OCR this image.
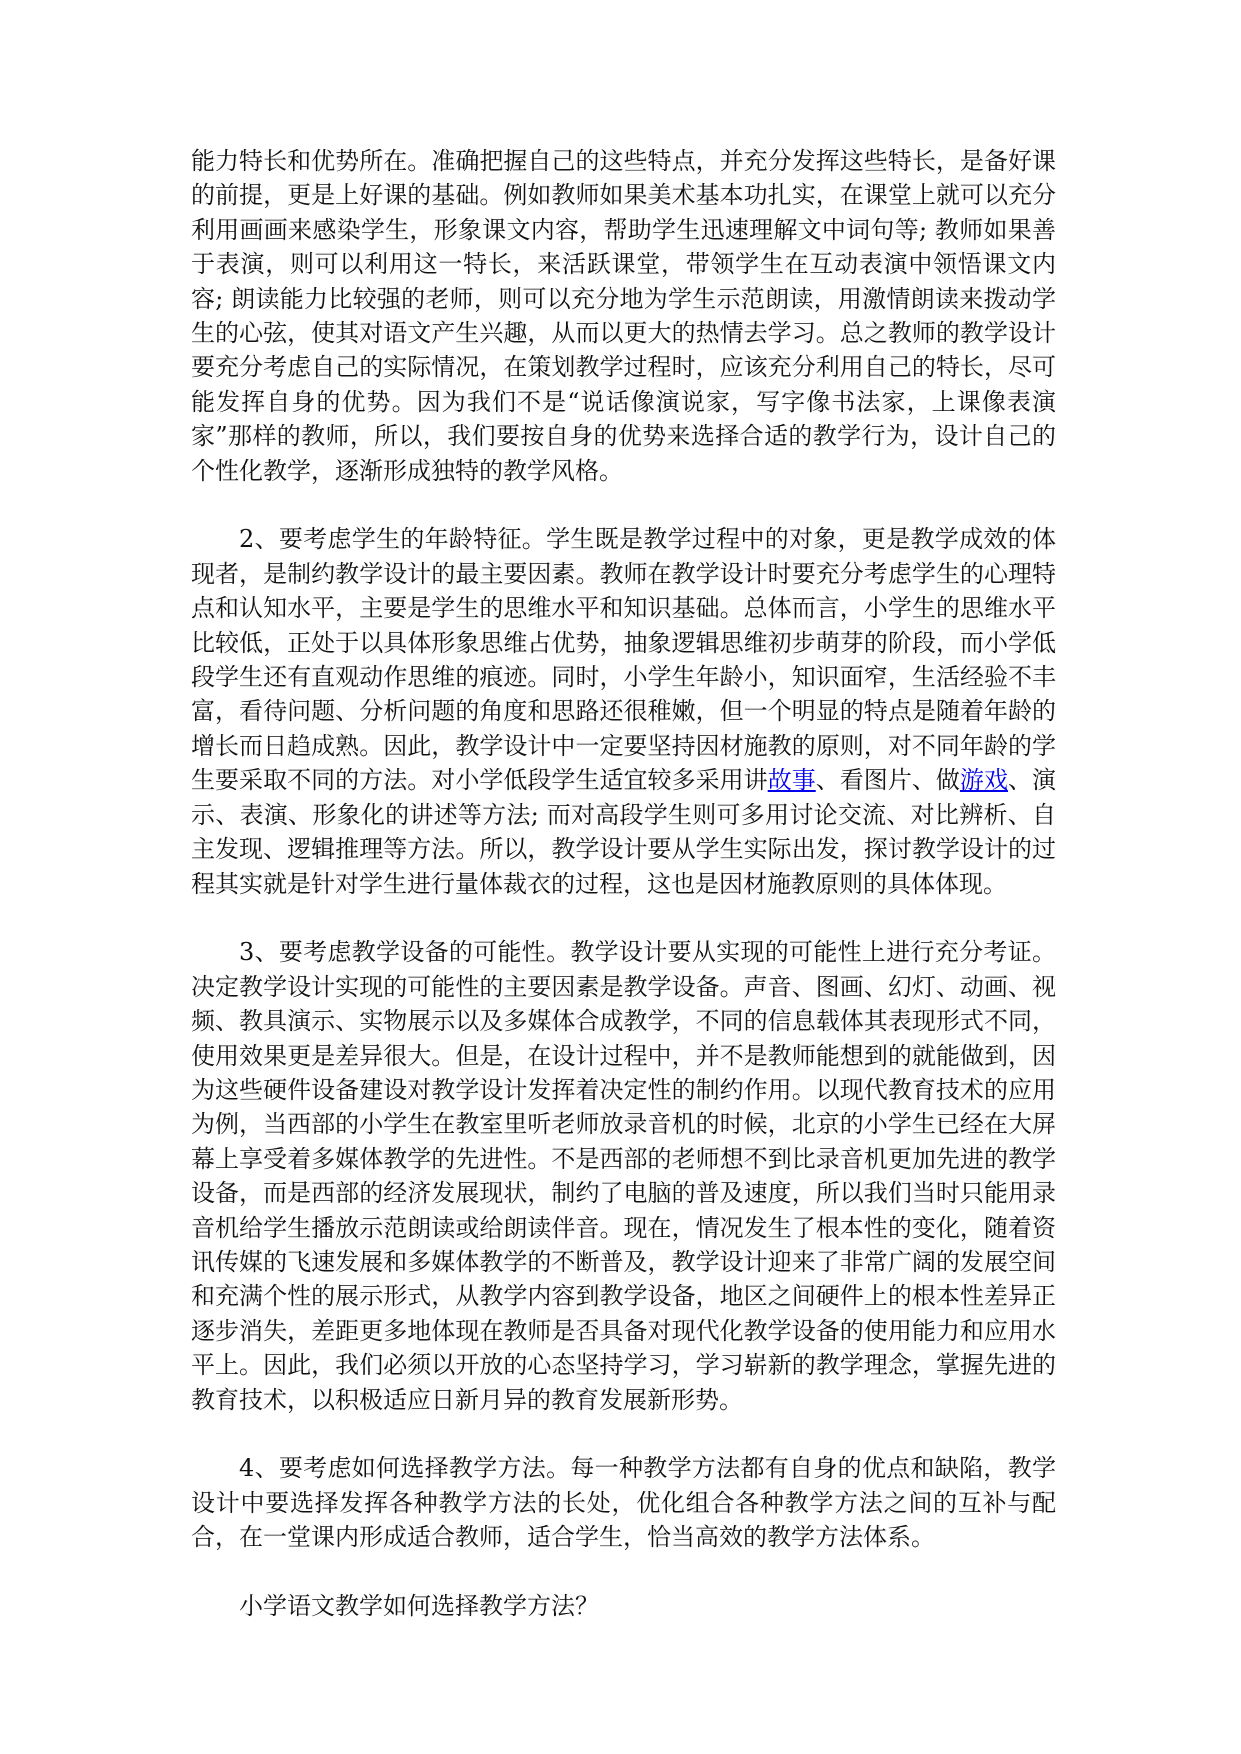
能力特长和优势所在。准确把握自己的这些特点，并充分发挥这些特长，是备好课的前提，更是上好课的基础。例如教师如果美术基本功扎实，在课堂上就可以充分利用画画来感染学生，形象课文内容，帮助学生迅速理解文中词句等; 教师如果善于表演，则可以利用这一特长，来活跃课堂，带领学生在互动表演中领悟课文内容; 朗读能力比较强的老师，则可以充分地为学生示范朗读，用激情朗读来拨动学生的心弦，使其对语文产生兴趣，从而以更大的热情去学习。总之教师的教学设计要充分考虑自己的实际情况，在策划教学过程时，应该充分利用自己的特长，尽可能发挥自身的优势。因为我们不是“说话像演说家，写字像书法家，上课像表演家”那样的教师，所以，我们要按自身的优势来选择合适的教学行为，设计自己的个性化教学，逐渐形成独特的教学风格。

2、要考虑学生的年龄特征。学生既是教学过程中的对象，更是教学成效的体现者，是制约教学设计的最主要因素。教师在教学设计时要充分考虑学生的心理特点和认知水平，主要是学生的思维水平和知识基础。总体而言，小学生的思维水平比较低，正处于以具体形象思维占优势，抽象逻辑思维初步萌芽的阶段，而小学低段学生还有直观动作思维的痕迹。同时，小学生年龄小，知识面窄，生活经验不丰富，看待问题、分析问题的角度和思路还很稚嫩，但一个明显的特点是随着年龄的增长而日趋成熟。因此，教学设计中一定要坚持因材施教的原则，对不同年龄的学生要采取不同的方法。对小学低段学生适宜较多采用讲故事、看图片、做游戏、演示、表演、形象化的讲述等方法; 而对高段学生则可多用讨论交流、对比辨析、自主发现、逻辑推理等方法。所以，教学设计要从学生实际出发，探讨教学设计的过程其实就是针对学生进行量体裁衣的过程，这也是因材施教原则的具体体现。

3、要考虑教学设备的可能性。教学设计要从实现的可能性上进行充分考证。决定教学设计实现的可能性的主要因素是教学设备。声音、图画、幻灯、动画、视频、教具演示、实物展示以及多媒体合成教学，不同的信息载体其表现形式不同，使用效果更是差异很大。但是，在设计过程中，并不是教师能想到的就能做到，因为这些硬件设备建设对教学设计发挥着决定性的制约作用。以现代教育技术的应用为例，当西部的小学生在教室里听老师放录音机的时候，北京的小学生已经在大屏幕上享受着多媒体教学的先进性。不是西部的老师想不到比录音机更加先进的教学设备，而是西部的经济发展现状，制约了电脑的普及速度，所以我们当时只能用录音机给学生播放示范朗读或给朗读伴音。现在，情况发生了根本性的变化，随着资讯传媒的飞速发展和多媒体教学的不断普及，教学设计迎来了非常广阔的发展空间和充满个性的展示形式，从教学内容到教学设备，地区之间硬件上的根本性差异正逐步消失，差距更多地体现在教师是否具备对现代化教学设备的使用能力和应用水平上。因此，我们必须以开放的心态坚持学习，学习崭新的教学理念，掌握先进的教育技术，以积极适应日新月异的教育发展新形势。

4、要考虑如何选择教学方法。每一种教学方法都有自身的优点和缺陷，教学设计中要选择发挥各种教学方法的长处，优化组合各种教学方法之间的互补与配合，在一堂课内形成适合教师，适合学生，恰当高效的教学方法体系。

小学语文教学如何选择教学方法？
